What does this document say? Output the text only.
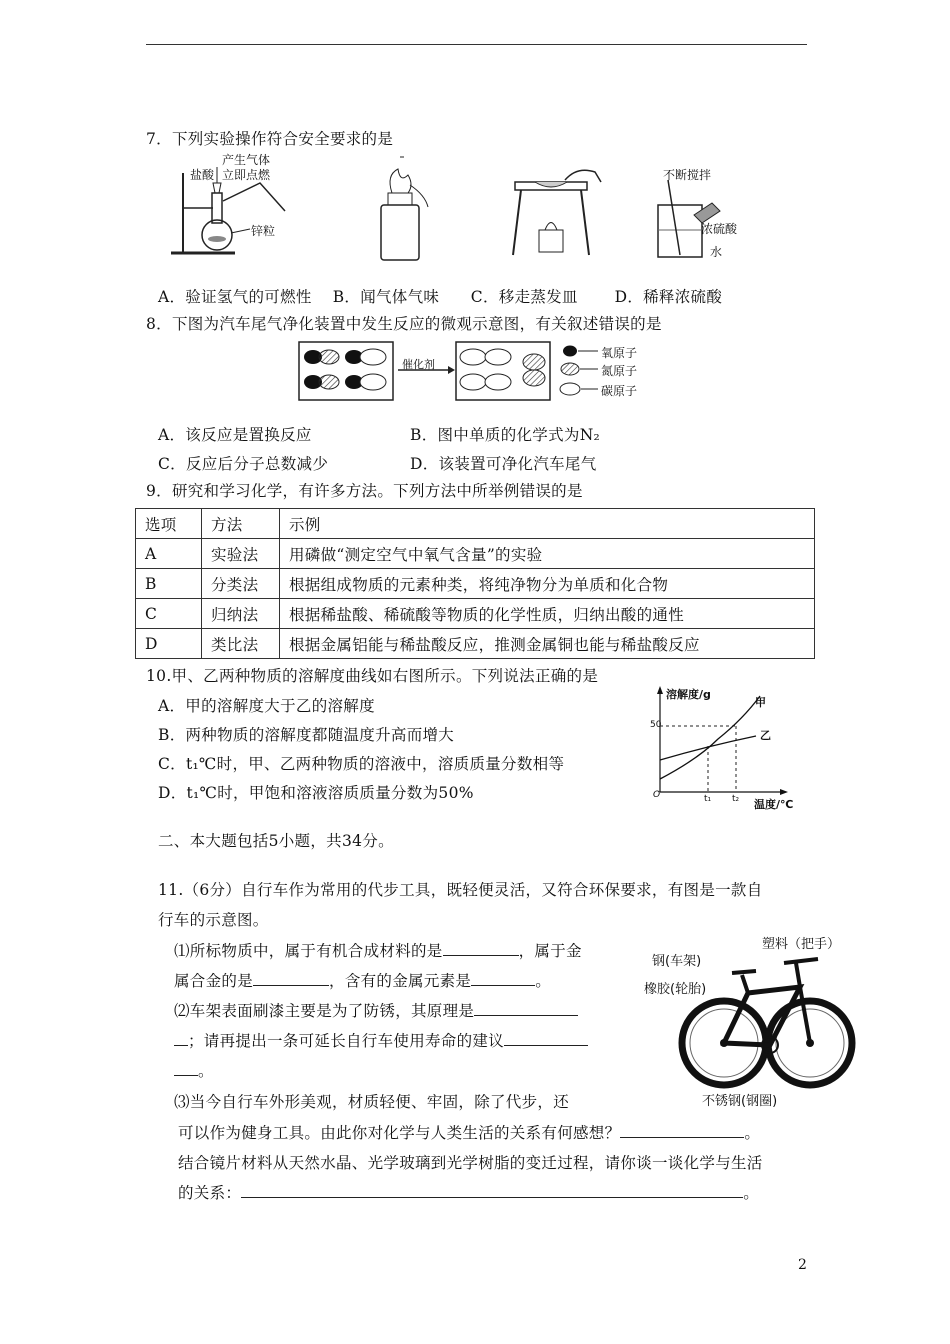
7．下列实验操作符合安全要求的是
产生气体
盐酸 立即点燃
锌粒
不断搅拌
浓硫酸
水
A．验证氢气的可燃性　 B．闻气体气味　　C．移走蒸发皿　　 D．稀释浓硫酸
8．下图为汽车尾气净化装置中发生反应的微观示意图，有关叙述错误的是
催化剂
氧原子
氮原子
碳原子
A．该反应是置换反应	B．图中单质的化学式为N₂
C．反应后分子总数减少	D．该装置可净化汽车尾气
9．研究和学习化学，有许多方法。下列方法中所举例错误的是
选项	方法	示例
A	实验法	用磷做“测定空气中氧气含量”的实验
B	分类法	根据组成物质的元素种类，将纯净物分为单质和化合物
C	归纳法	根据稀盐酸、稀硫酸等物质的化学性质，归纳出酸的通性
D	类比法	根据金属铝能与稀盐酸反应，推测金属铜也能与稀盐酸反应
10.甲、乙两种物质的溶解度曲线如右图所示。下列说法正确的是
A．甲的溶解度大于乙的溶解度
B．两种物质的溶解度都随温度升高而增大
C．t₁℃时，甲、乙两种物质的溶液中，溶质质量分数相等
D．t₁℃时，甲饱和溶液溶质质量分数为50%
溶解度/g
甲
乙
50
O	t₁ t₂ 温度/℃
二、本大题包括5小题，共34分。
11.（6分）自行车作为常用的代步工具，既轻便灵活，又符合环保要求，有图是一款自
行车的示意图。
⑴所标物质中，属于有机合成材料的是	，属于金
属合金的是	，含有的金属元素是	。
⑵车架表面刷漆主要是为了防锈，其原理是
；请再提出一条可延长自行车使用寿命的建议
。
⑶当今自行车外形美观，材质轻便、牢固，除了代步，还
可以作为健身工具。由此你对化学与人类生活的关系有何感想？	。
结合镜片材料从天然水晶、光学玻璃到光学树脂的变迁过程，请你谈一谈化学与生活
的关系：	。
塑料（把手）
钢(车架)
橡胶(轮胎)
不锈钢(钢圈)
2
